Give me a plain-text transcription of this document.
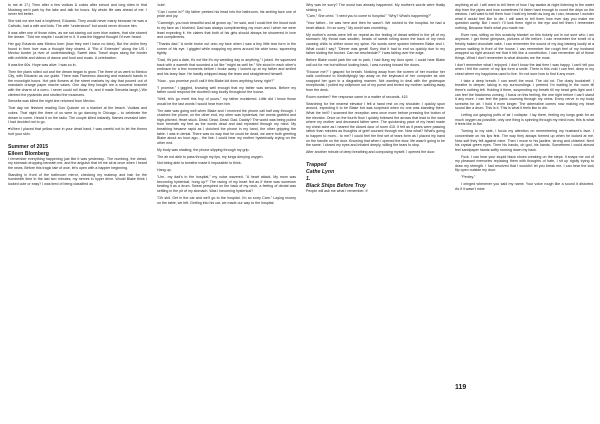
to me at 17.) Then after a few vodkas & cokes after school and long rides in that Mustang we'd park by the lake and talk for hours. My whole life was ahead of me. I never felt better.

She told me she had a boyfriend, Eduardo. They would never marry because he was a Catholic, had a wife and kids. The wife "understood" but would never divorce him.

It was after one of those rides, as we sat staring out over blue waters, that she shared the dream. "Told me maybe I could be in it. It was the biggest thought I'd ever heard.

Her guy Eduardo was Mexico born (how they met I have no idea). But the victim they found in their love was a thought they shared. A "Rio d' Entender" along the US / Mexico border (a river of understanding). Sweet idea. Travel stops along the border with exhibits and videos of dance and food and music. A celebration.

It was the 60s. Hope was alive. I was so in.

Then the plans rolled out and the dream began to grow. The three of us went to Mexico City, with Eduardo as our guide. There was Flamenco dancing and mariachi bands in the moonlight hours. Hot pink flowers at the street markets by day that poured out of mandarin orange paper mache vases. One day they bought me a souvenir bracelet with the charm of a curro. I never could roll those r's, and it made Senorita laugh.) We climbed the pyramids and strolled the museums.

Senorita was killed the night she returned from Mexico.

That day we finished reading Don Quixote on a blanket at the beach. Vodkas and cokes. That night the three of us were to go dancing in Chicago – to celebrate the dream to come. Heard it on the radio. The couple killed instantly. Names revealed later. I had decided not to go.

♥When I placed that yellow rose in your dead hand, I was careful not to let the thorns hurt your skin.

Summer of 2015
Eileen Blomberg

I remember everything happening just like it was yesterday.. The numbing, the dread, my stomach dropping beneath me, and the anguish that hit me all at once when I heard the news. Before this tragic tale of woe, let's open with a happier beginning.

Standing in front of the bathroom mirror, checking my makeup and hair for the hundredth time in the last two minutes, my nerves in hyper drive. Would Blake think I looked cute or easy? I was tired of being classified as

'cute'.

"Can I come in?" My father peeked his head into the bathroom, his smiling face one of pride and joy.

"Cammigh, you look beautiful and all grown up," he said, and I could feel the blood rush to my face as I blushed. Dad was always complimenting my mom and I when we were least expecting it. He claims that both of his girls should always be showered in love and compliments.

"Thanks dad." A smile broke out onto my face when I saw a tiny little tear form in the corner of his eye. I giggled while wrapping my arms around his wide torso, squeezing tightly.

"Dad, it's just a date, it's not like it's my wedding day or anything," I joked. He squeezed back with a warmth that sounded a lot like "might as well be." We stood in each other's embrace for a few moments before I broke away. I looked up at my father and smiled and his teary face. He hastily whipped away the tears and straightened himself.

"Now... you promise you'll call if this Blake kid does anything funny, right?"

"I promise," I giggled, knowing well enough that my father was serious. Before my father could respond the doorbell rang loudly throughout the house.

"Well, let's go meet this boy of yours," my father exclaimed. Little did I know those would be the last words I would hear from him.

The date was going well when Blake and I received the phone call half way through. I clutched the phone, on the other end, my other was hysterical, her words garbled and high-pitched. Heart stuck. Dead. Dead. Dead. Dad. Daddy? The world was being pulled from beneath my feet as the words dead and dad repeated through my mind. My breathing became rapid as I clutched the phone in my hand, the other gripping the table. I was in denial. There was no way that he could be dead, we were both greeting Blake about an hour ago... the line. I could hear my mother hysterically crying on the other end.

My body was shaking, the phone slipping through my grip.

The air not able to pass through my lips, my lungs denying oxygen.

Not being able to breathe made it impossible to think.

Hang up.

"Um.. my dad's in the hospital," my voice wavered. "A heart attack. My mom was becoming hysterical, hung up?" The racing of my heart fed as if there was someone beating it as a drum. Sweat perspired on the back of my neck, a feeling of dental was settling in the pit of my stomach. Was I becoming hysterical?

"Oh shit. Get in the car and we'll go to the hospital. I'm so sorry Cam." Laying money on the table, we left. Getting into his car, we made our way to the hospital.

Why was he sorry? The worst has already happened. My mother's words were finally sinking in.

"Cam," She cried. "I need you to come to hospital." "Why? What's happening?"

"Your father... he was here and then he wasn't. We rushed to the hospital- he had a heart attack. I'm so sorry." My world was crumbling.

My mother's words were left on repeat as the feeling of dread settled in the pit of my stomach. My throat was swollen, beads of sweat rolling down the back of my neck causing chills to slither down my spine. No words were spoken between Blake and I. What could I say? "Dinner was great! Sorry that it had to end so quickly due to my father kicking the bucket. Can we reschedule?" I was falling over the edge.

Before Blake could park the car to park, I had flung my door open. I could hear Blake call out for me but without looking back, I was running toward the doors.

"Excuse me?" I gasped for breath. Noticing away from the screen of her monitor her nails continued to hindfullyingly tap away on the keyboard of her computer as she snapped her gum in a disgusting manner. Not wanting to deal with the grotesque receptionist, I pulled my cellphone out of my purse and texted my mother, walking away from the desk.

Room number? Her response came in a matter of seconds. 415

Searching for the nearest elevator I felt a hand rest on my shoulder. I quickly spun around, expecting it to be Blake but was surprised when no one was standing there. What the hell? I scanned the reception area once more before pressing the button of the elevator. Once on the fourth floor I quickly followed the arrows that lead to the ward where my mother and deceased father were. The quickening pace of my heart made my chest ache as I neared the closed door of room 415. It felt as if years were passing rather than minutes as thoughts of grief coursed through me. Now what? What's going to happen to mom... to me? I could feel the first set of tears form as I placed my hand on the handle on the door. Knowing that when I opened the door, life wasn't going to be the same. I closed my eyes and inhaled deeply, willing the tears to stop.

After another minute of deep breathing and composing myself, I opened the door.

Trapped
Cathe Lynn
1.
Black Ships Before Troy

People will ask me what I remember. If

anything at all. I will want to tell them of how I lay awake at night listening to the water drip from the pipes and how sometimes I'd listen hard enough to count the drips on the window. I will want to tell them how I hold my breath as long as I can, because I wonder what it would feel like to die. I will want to tell them how ever day you make me question sanity. But I won't. I'll look them right in the eye and tell them I remember nothing. Because that's what you made me.

Even now, sitting on this scratchy blanket on this rickety cot in not sure who I am anymore. I get these glimpses, pictures of life before. I can remember the smell of a freshly baked chocolate cake. I can remember the sound of my dog barking loudly at a person walking in front of the house. I can remember the rough feel of my husband wrapped so tight around me that it felt like a constriction. I can remember all of these things. What I don't remember is what disturbs me the most.

I don't remember what I enjoyed. I don't know the last time I was happy. I can't tell you when I felt the corner of my lips form a smile. There is this void I can feel, deep in my chest where my happiness used to live. I'm not sure how to find it any more.

I take a deep breath. I can smell the must. The old rot. The dusty bookshelf. I breathe in deeper, taking in my surroundings. I pretend I'm waiting in the room till there's nothing left. Holding it there, suspending my breath till my head gets light and I can feel the blackness coming. I focus on this feeling, the one right before I can't stand it any more. I can feel the panic coursing through my veins. Every nerve in my body screams for air. I hold it even longer. The adrenaline comes now making my heart sound like a drum. This is it. This is what it feels like to die.

Letting out gasping puffs of air I collapse. I lay there, feeling my lungs grab for as much oxygen as possible, only one thing is spinning through my mind now; this is what it feels like to live.

Turning to my side, I focus my attention on remembering my husband's face. I concentrate on his lips first. The way they always formed up when he looked at me. Now soft they felt against mine. Then I move to his jawline, strong and chiseled. Next his crystal green eyes. Then his hands, oh god, his hands. Sometimes I could almost feel sandpaper hands softly running down my back.

Fuck. I can hear your stupid black shoes creaking on the steps. It snaps me out of my pleasant memories replacing them with thoughts of hate, I sit up rigidly trying to draw my strength. I had resolved that I wouldn't let you break me. I can hear the lock flip open outside my door.

"Penley."

I cringed whenever you said my name. Your voice rough like a sound it distorted. As if it wasn't mine

119
